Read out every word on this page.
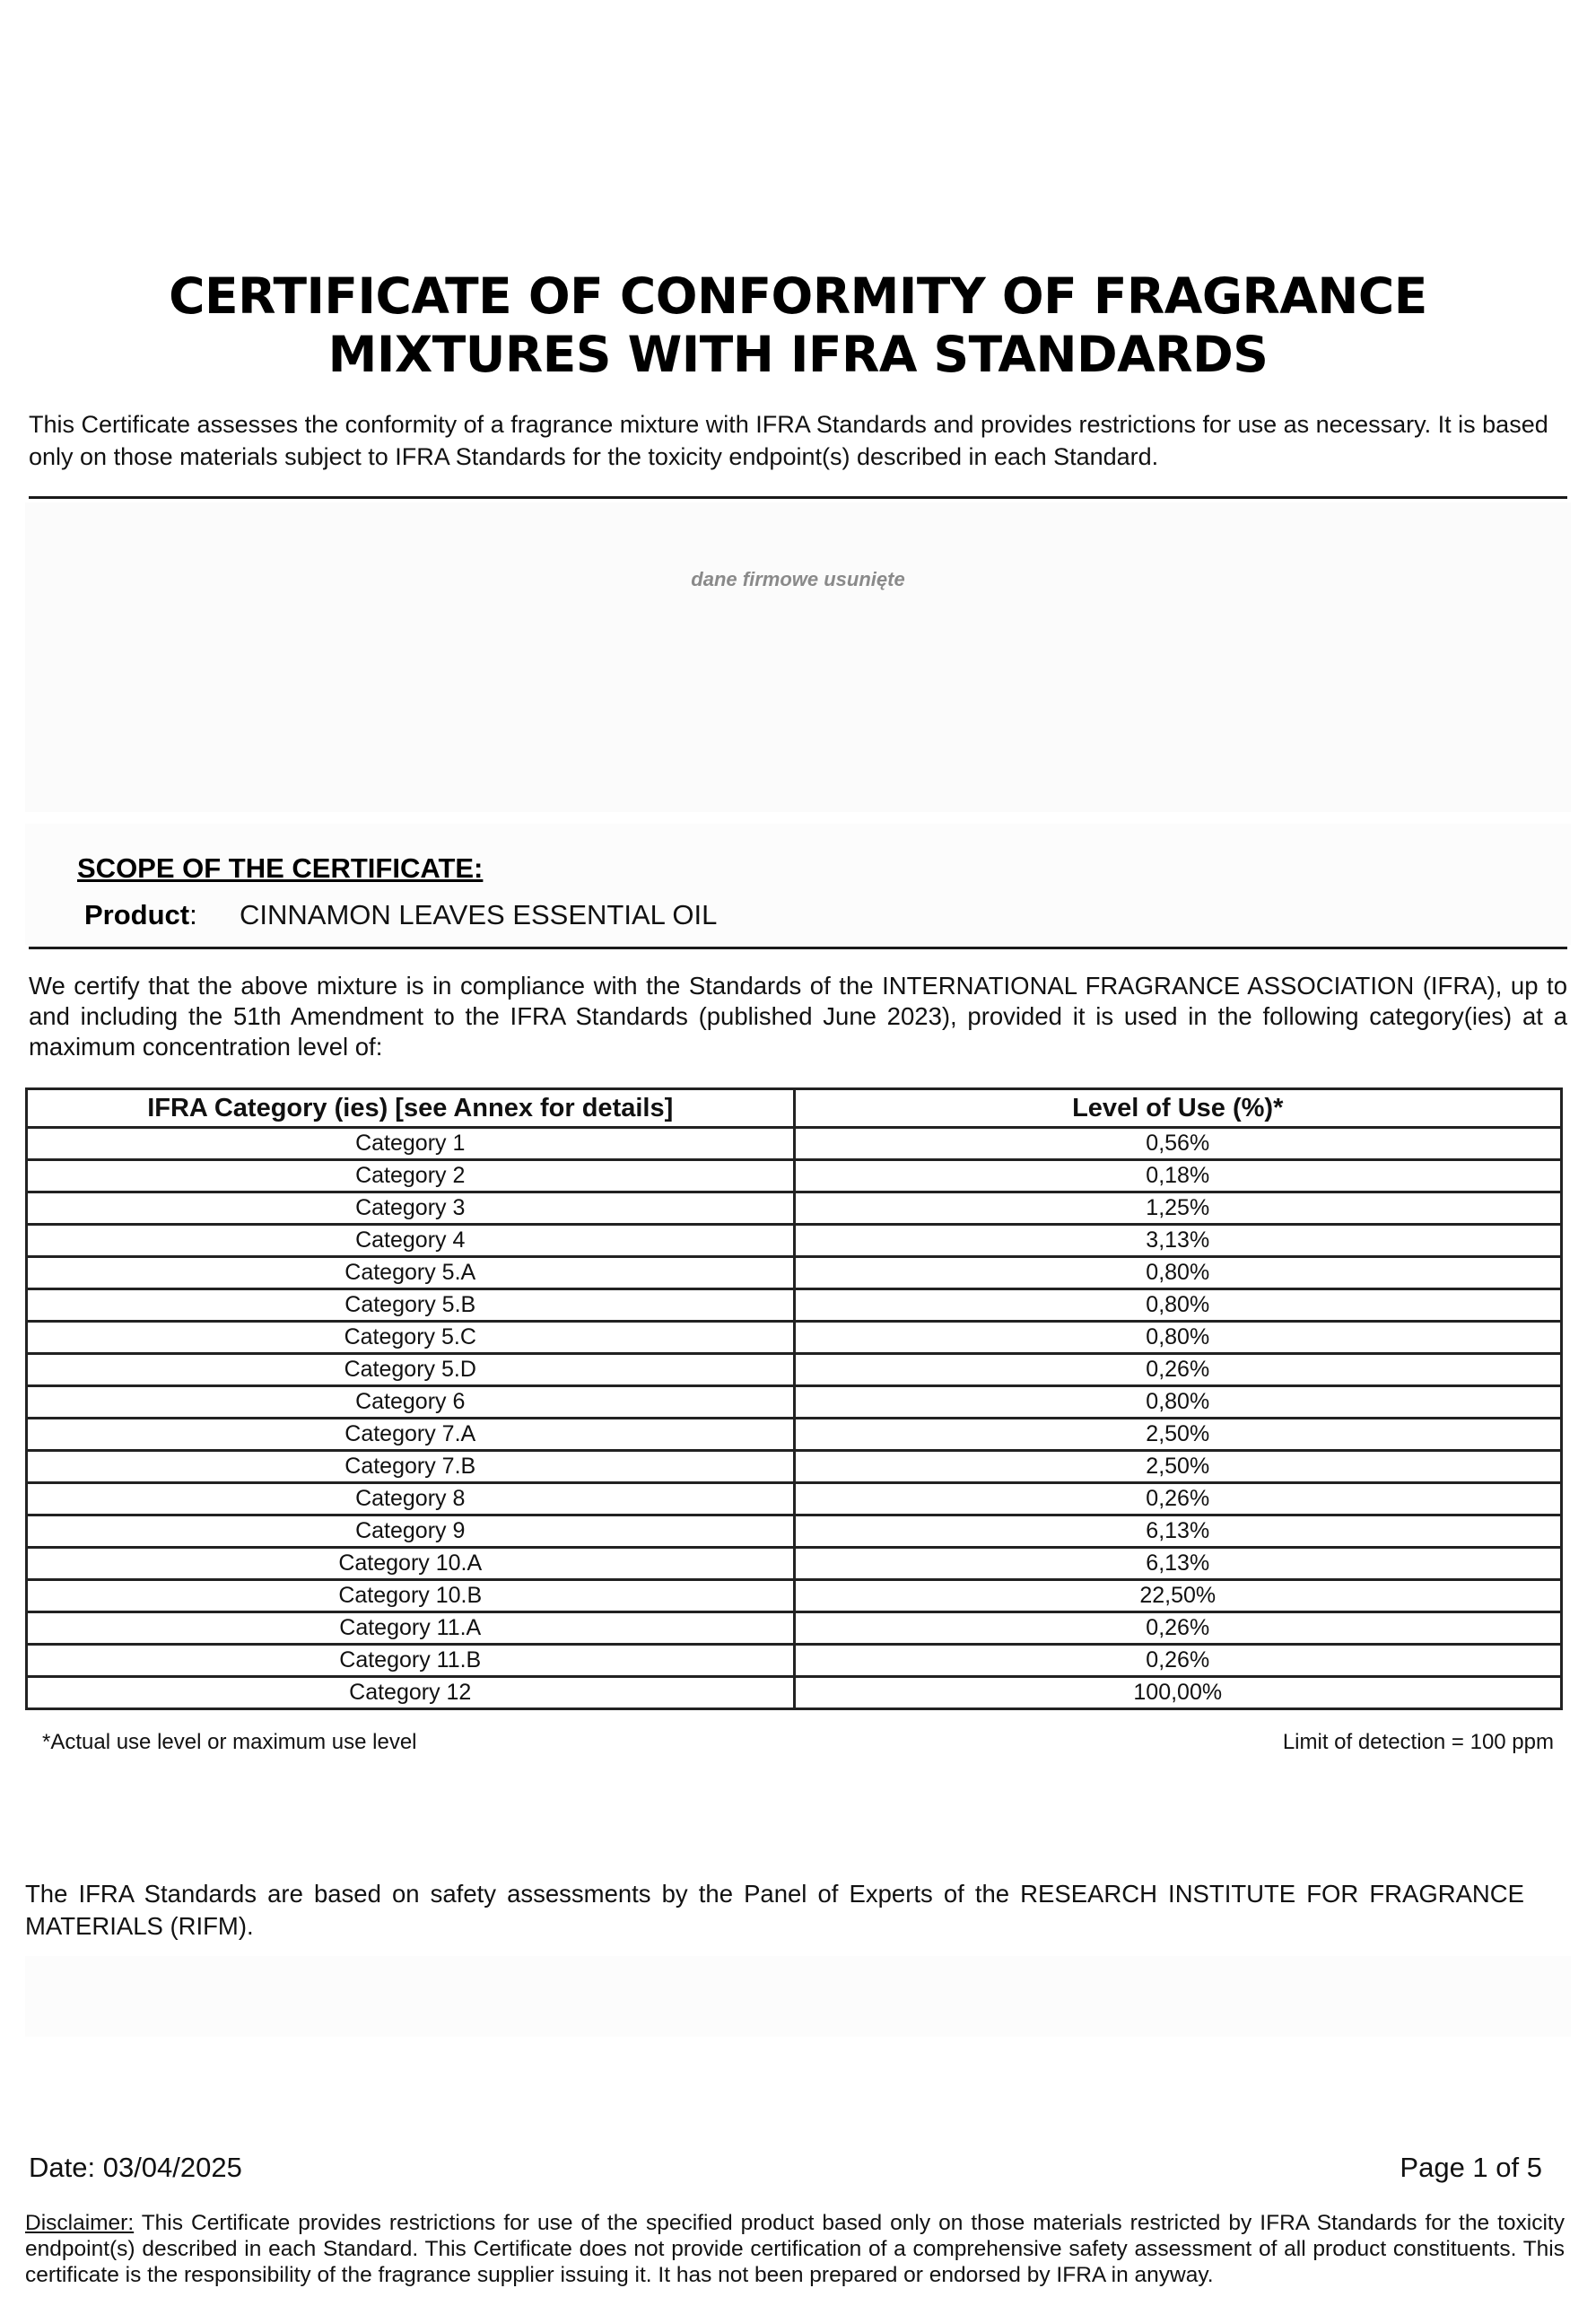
CERTIFICATE OF CONFORMITY OF FRAGRANCE
MIXTURES WITH IFRA STANDARDS
This Certificate assesses the conformity of a fragrance mixture with IFRA Standards and provides restrictions for use as necessary. It is based only on those materials subject to IFRA Standards for the toxicity endpoint(s) described in each Standard.
dane firmowe usunięte
SCOPE OF THE CERTIFICATE:
Product: CINNAMON LEAVES ESSENTIAL OIL
We certify that the above mixture is in compliance with the Standards of the INTERNATIONAL FRAGRANCE ASSOCIATION (IFRA), up to and including the 51th Amendment to the IFRA Standards (published June 2023), provided it is used in the following category(ies) at a maximum concentration level of:
IFRA Category (ies) [see Annex for details]	Level of Use (%)*
Category 1	0,56%
Category 2	0,18%
Category 3	1,25%
Category 4	3,13%
Category 5.A	0,80%
Category 5.B	0,80%
Category 5.C	0,80%
Category 5.D	0,26%
Category 6	0,80%
Category 7.A	2,50%
Category 7.B	2,50%
Category 8	0,26%
Category 9	6,13%
Category 10.A	6,13%
Category 10.B	22,50%
Category 11.A	0,26%
Category 11.B	0,26%
Category 12	100,00%
*Actual use level or maximum use level	Limit of detection = 100 ppm
The IFRA Standards are based on safety assessments by the Panel of Experts of the RESEARCH INSTITUTE FOR FRAGRANCE MATERIALS (RIFM).
Date: 03/04/2025	Page 1 of 5
Disclaimer: This Certificate provides restrictions for use of the specified product based only on those materials restricted by IFRA Standards for the toxicity endpoint(s) described in each Standard. This Certificate does not provide certification of a comprehensive safety assessment of all product constituents. This certificate is the responsibility of the fragrance supplier issuing it. It has not been prepared or endorsed by IFRA in anyway.
